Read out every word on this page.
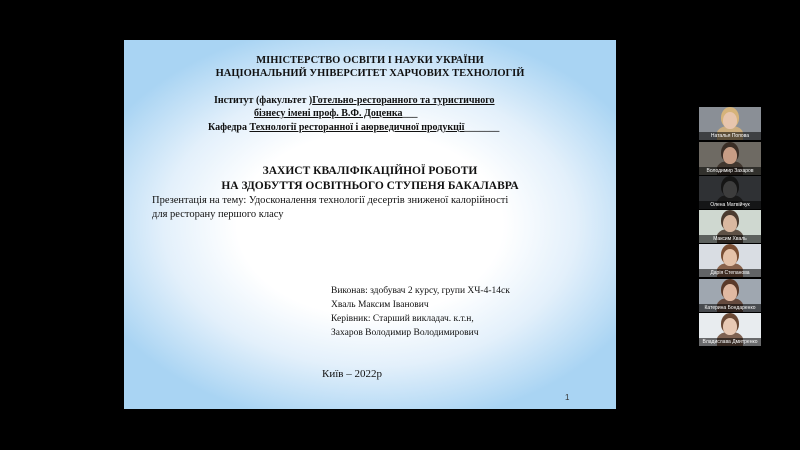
МІНІСТЕРСТВО ОСВІТИ І НАУКИ УКРАЇНИ
НАЦІОНАЛЬНИЙ УНІВЕРСИТЕТ ХАРЧОВИХ ТЕХНОЛОГІЙ
Інститут (факультет )Готельно-ресторанного та туристичного
бізнесу імені проф. В.Ф. Доценка___
Кафедра Технології ресторанної і аюрведичної продукції_______
ЗАХИСТ КВАЛІФІКАЦІЙНОЇ РОБОТИ
НА ЗДОБУТТЯ ОСВІТНЬОГО СТУПЕНЯ БАКАЛАВРА
Презентація на тему: Удосконалення технології десертів зниженої калорійності
для ресторану першого класу
Виконав: здобувач 2 курсу, групи ХЧ-4-14ск
Хваль Максим Іванович
Керівник: Старший викладач. к.т.н,
Захаров Володимир Володимирович
Київ – 2022р
1
Наталья Попова
Володимир Захаров
Олена Матвійчук
Максим Хваль
Дарія Степанова
Катерина Бондаренко
Владислава Дмитренко
